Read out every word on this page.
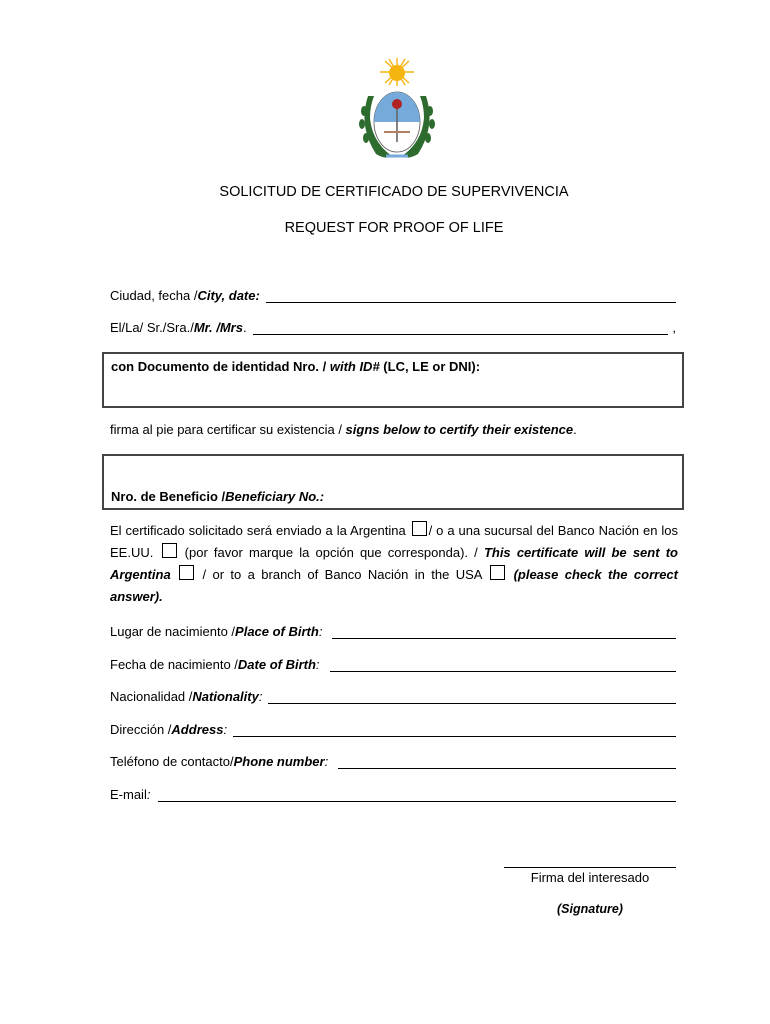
SOLICITUD DE CERTIFICADO DE SUPERVIVENCIA
REQUEST FOR PROOF OF LIFE
Ciudad, fecha / City, date :
El/La/ Sr./Sra./ Mr. /Mrs .	,
con Documento de identidad Nro. / with ID# (LC, LE or DNI):
firma al pie para certificar su existencia / signs below to certify their existence.
Nro. de Beneficio /Beneficiary No.:
El certificado solicitado será enviado a la Argentina / o a una sucursal del Banco Nación en los EE.UU.  (por favor marque la opción que corresponda). / This certificate will be sent to Argentina  / or to a branch of Banco Nación in the USA  (please check the correct answer).
Lugar de nacimiento / Place of Birth :
Fecha de nacimiento / Date of Birth :
Nacionalidad / Nationality :
Dirección / Address :
Teléfono de contacto/ Phone number :
E-mail :
Firma del interesado
(Signature)
